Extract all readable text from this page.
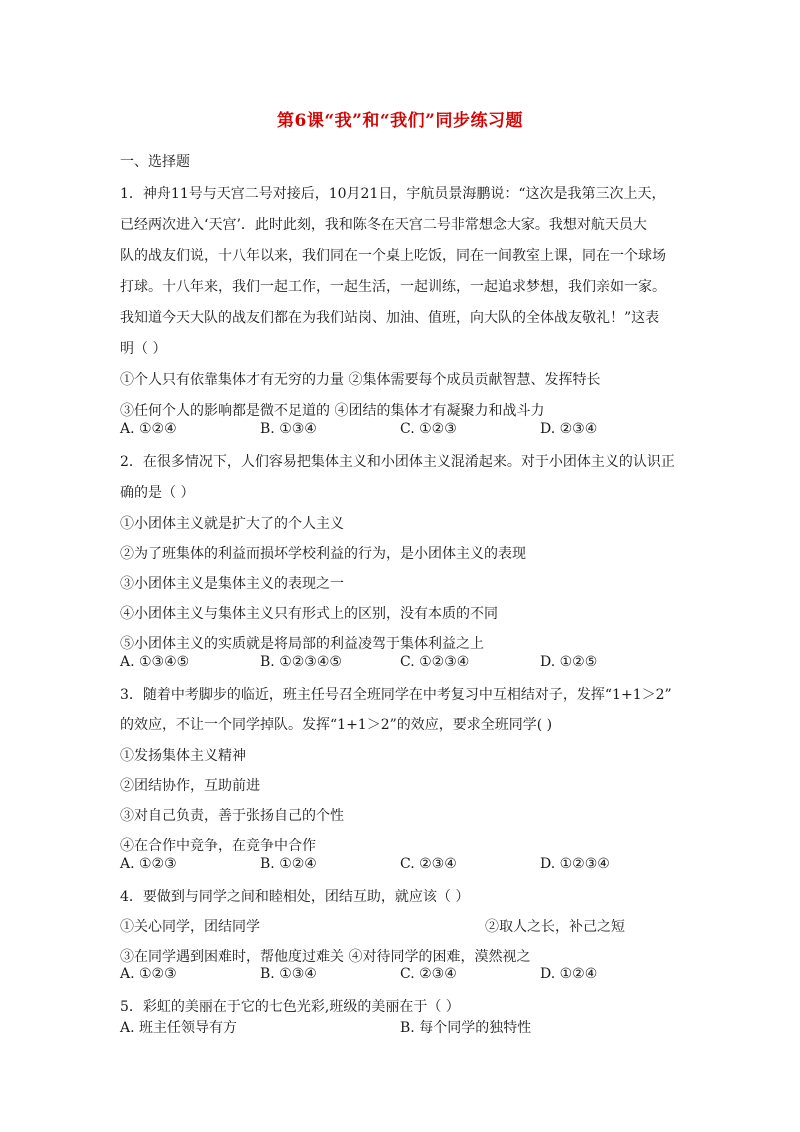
第6课“我”和“我们”同步练习题
一、选择题
1．神舟11号与天宫二号对接后，10月21日，宇航员景海鹏说：“这次是我第三次上天，
已经两次进入‘天宫’．此时此刻，我和陈冬在天宫二号非常想念大家。我想对航天员大
队的战友们说，十八年以来，我们同在一个桌上吃饭，同在一间教室上课，同在一个球场
打球。十八年来，我们一起工作，一起生活，一起训练，一起追求梦想，我们亲如一家。
我知道今天大队的战友们都在为我们站岗、加油、值班，向大队的全体战友敬礼！”这表
明（ ）
①个人只有依靠集体才有无穷的力量 ②集体需要每个成员贡献智慧、发挥特长
③任何个人的影响都是微不足道的 ④团结的集体才有凝聚力和战斗力
A. ①②④	B. ①③④	C. ①②③	D. ②③④
2．在很多情况下，人们容易把集体主义和小团体主义混淆起来。对于小团体主义的认识正
确的是（ ）
①小团体主义就是扩大了的个人主义
②为了班集体的利益而损坏学校利益的行为，是小团体主义的表现
③小团体主义是集体主义的表现之一
④小团体主义与集体主义只有形式上的区别，没有本质的不同
⑤小团体主义的实质就是将局部的利益凌驾于集体利益之上
A. ①③④⑤	B. ①②③④⑤	C. ①②③④	D. ①②⑤
3．随着中考脚步的临近，班主任号召全班同学在中考复习中互相结对子，发挥“1+1＞2”
的效应，不让一个同学掉队。发挥“1+1＞2”的效应，要求全班同学( )
①发扬集体主义精神
②团结协作，互助前进
③对自己负责，善于张扬自己的个性
④在合作中竞争，在竞争中合作
A. ①②③	B. ①②④	C. ②③④	D. ①②③④
4．要做到与同学之间和睦相处，团结互助，就应该（ ）
①关心同学，团结同学	②取人之长，补己之短
③在同学遇到困难时，帮他度过难关 ④对待同学的困难，漠然视之
A. ①②③	B. ①③④	C. ②③④	D. ①②④
5．彩虹的美丽在于它的七色光彩,班级的美丽在于（ ）
A. 班主任领导有方	B. 每个同学的独特性
